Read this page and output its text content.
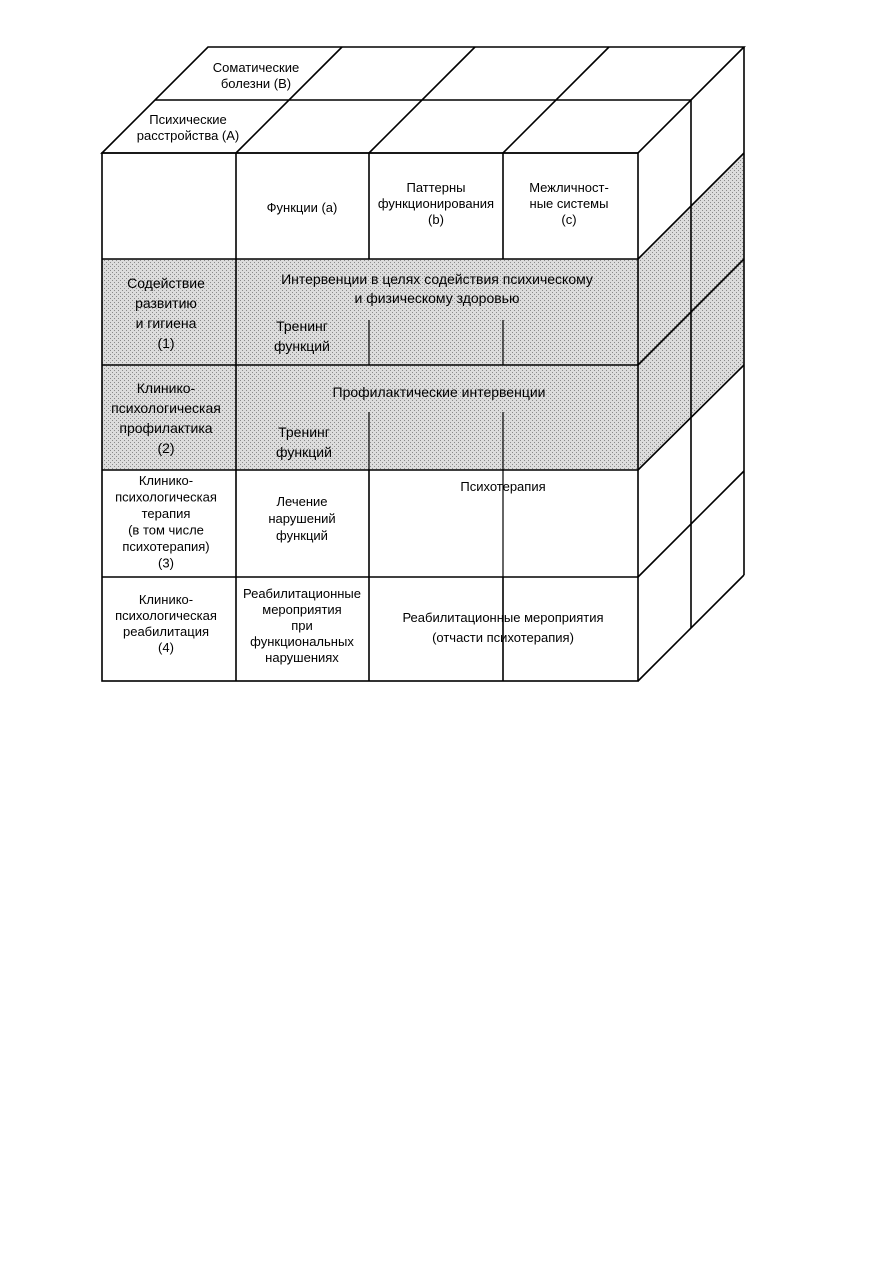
Соматические болезни (B)
Психические расстройства (А)
Функции (а)
Паттерны функционирования (b)
Межличност-ные системы (с)
Содействие развитию и гигиена (1)
Клинико-психологическая профилактика (2)
Клинико-психологическая терапия (в том числе психотерапия) (3)
Клинико-психологическая реабилитация (4)
Интервенции в целях содействия психическому и физическому здоровью
Тренинг функций
Профилактические интервенции
Тренинг функций
Лечение нарушений функций
Психотерапия
Реабилитационные мероприятия при функциональных нарушениях
Реабилитационные мероприятия (отчасти психотерапия)
